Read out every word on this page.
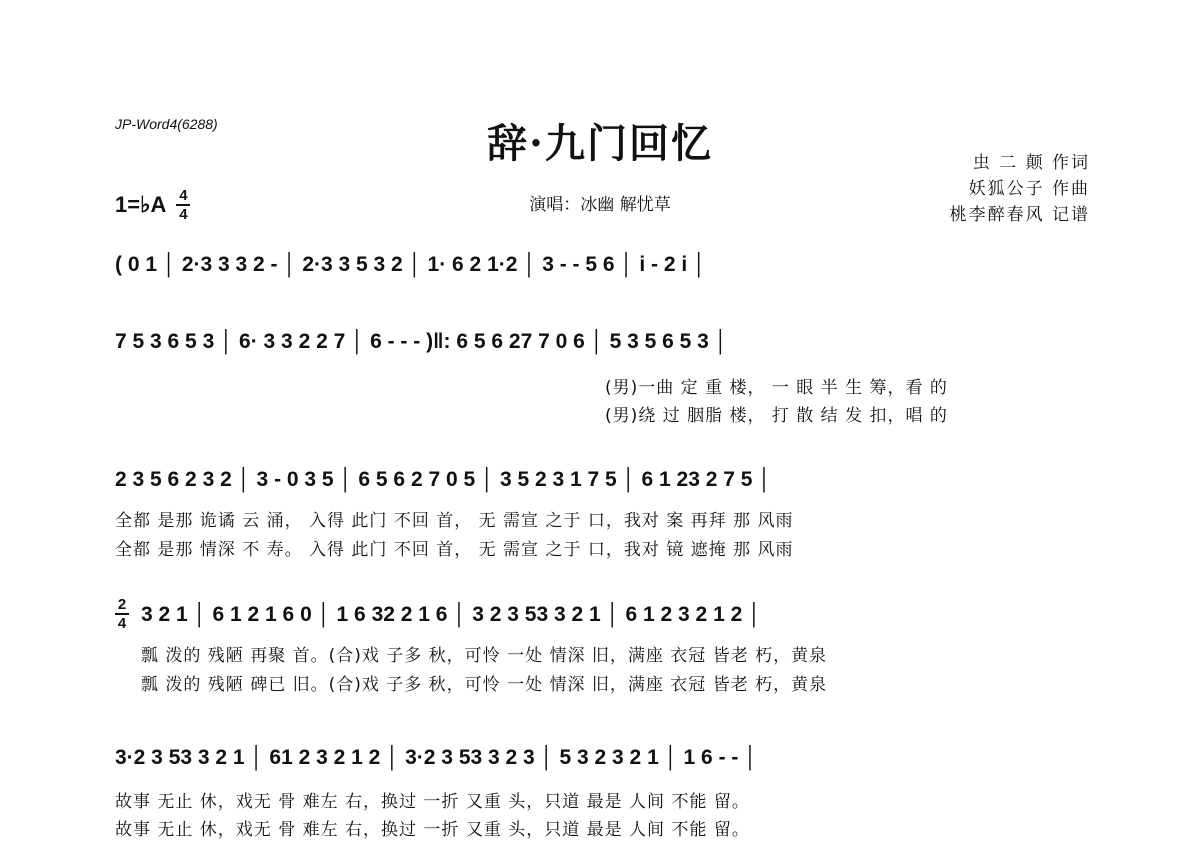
JP-Word4(6288)	辞·九门回忆
演唱：冰幽 解忧草
虫 二 颠 作词
妖狐公子 作曲
桃李醉春风 记谱
1=♭A $\frac{4}{4}$
( 0 1 │ 2·3 3 3 2 - │ 2·3 3 5 3 2 │ 1· 6 2 1·2 │ 3 - - 5 6 │ i - 2 i │
7 5 3 6 5 3 │ 6· 3 3 2 2 7 │ 6 - - - )‖: 6 5 6 27 7 0 6 │ 5 3 5 6 5 3 │
(男)一曲 定 重 楼， 一 眼 半 生 筹，看 的
(男)绕 过 胭脂 楼， 打 散 结 发 扣，唱 的
2 3 5 6 2 3 2 │ 3 - 0 3 5 │ 6 5 6 2 7 0 5 │ 3 5 2 3 1 7 5 │ 6 1 23 2 7 5 │
全都 是那 诡谲 云 涌， 入得 此门 不回 首， 无 需宣 之于 口，我对 案 再拜 那 风雨
全都 是那 情深 不 寿。 入得 此门 不回 首， 无 需宣 之于 口，我对 镜 遮掩 那 风雨
2
4 3 2 1 │ 6 1 2 1 6 0 │ 1 6 32 2 1 6 │ 3 2 3 53 3 2 1 │ 6 1 2 3 2 1 2 │
瓢 泼的 残陋 再聚 首。(合)戏 子多 秋，可怜 一处 情深 旧，满座 衣冠 皆老 朽，黄泉
瓢 泼的 残陋 碑已 旧。(合)戏 子多 秋，可怜 一处 情深 旧，满座 衣冠 皆老 朽，黄泉
3·2 3 53 3 2 1 │ 61 2 3 2 1 2 │ 3·2 3 53 3 2 3 │ 5 3 2 3 2 1 │ 1 6 - - │
故事 无止 休，戏无 骨 难左 右，换过 一折 又重 头，只道 最是 人间 不能 留。
故事 无止 休，戏无 骨 难左 右，换过 一折 又重 头，只道 最是 人间 不能 留。
